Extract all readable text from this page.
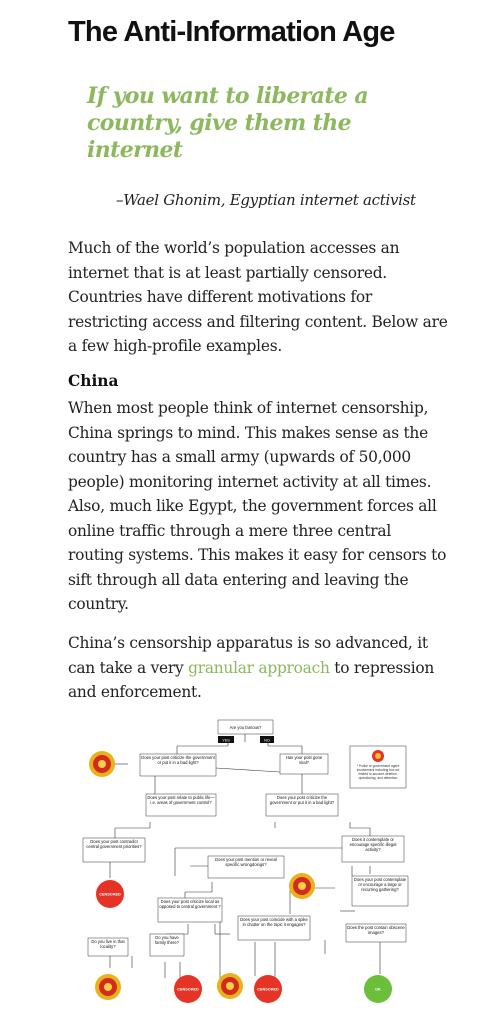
The Anti-Information Age
If you want to liberate a country, give them the internet
–Wael Ghonim, Egyptian internet activist

Much of the world’s population accesses an internet that is at least partially censored. Countries have different motivations for restricting access and filtering content. Below are a few high-profile examples.

China

When most people think of internet censorship, China springs to mind. This makes sense as the country has a small army (upwards of 50,000 people) monitoring internet activity at all times. Also, much like Egypt, the government forces all online traffic through a mere three central routing systems. This makes it easy for censors to sift through all data entering and leaving the country.

China’s censorship apparatus is so advanced, it can take a very granular approach to repression and enforcement.

Are you famous?
YES	NO
Does your post criticize the government or put it in a bad light?
Has your post gone viral?
Does your post relate to public life—i.e. areas of government control?
Does your post criticize the government or put it in a bad light?
Does your post contradict central government priorities?
Does it contemplate or encourage specific illegal activity?
Does your post mention or reveal specific wrongdoings?
Does your post contemplate or encourage a large or recurring gathering?
Does your post criticize local as opposed to central government ?
Does your post coincide with a spike in chatter on the topic it engages?
Does the post contain obscene images?
Do you live in that locality?
Do you have family there?
* Police or government agent involvement including but not limited to account deletion, questioning, and detention
CENSORED
CENSORED	CENSORED	OK
